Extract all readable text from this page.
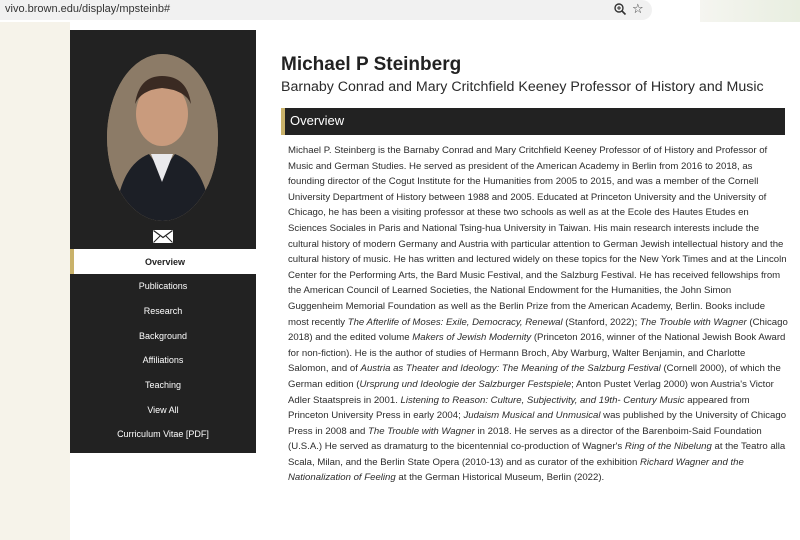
vivo.brown.edu/display/mpsteinb#	☆
Overview
Publications
Research
Background
Affiliations
Teaching
View All
Curriculum Vitae [PDF]
Michael P Steinberg
Barnaby Conrad and Mary Critchfield Keeney Professor of History and Music
Overview
Michael P. Steinberg is the Barnaby Conrad and Mary Critchfield Keeney Professor of of History and Professor of Music and German Studies. He served as president of the American Academy in Berlin from 2016 to 2018, as founding director of the Cogut Institute for the Humanities from 2005 to 2015, and was a member of the Cornell University Department of History between 1988 and 2005. Educated at Princeton University and the University of Chicago, he has been a visiting professor at these two schools as well as at the Ecole des Hautes Etudes en Sciences Sociales in Paris and National Tsing-hua University in Taiwan. His main research interests include the cultural history of modern Germany and Austria with particular attention to German Jewish intellectual history and the cultural history of music. He has written and lectured widely on these topics for the New York Times and at the Lincoln Center for the Performing Arts, the Bard Music Festival, and the Salzburg Festival. He has received fellowships from the American Council of Learned Societies, the National Endowment for the Humanities, the John Simon Guggenheim Memorial Foundation as well as the Berlin Prize from the American Academy, Berlin. Books include most recently The Afterlife of Moses: Exile, Democracy, Renewal (Stanford, 2022); The Trouble with Wagner (Chicago 2018) and the edited volume Makers of Jewish Modernity (Princeton 2016, winner of the National Jewish Book Award for non-fiction). He is the author of studies of Hermann Broch, Aby Warburg, Walter Benjamin, and Charlotte Salomon, and of Austria as Theater and Ideology: The Meaning of the Salzburg Festival (Cornell 2000), of which the German edition (Ursprung und Ideologie der Salzburger Festspiele; Anton Pustet Verlag 2000) won Austria's Victor Adler Staatspreis in 2001. Listening to Reason: Culture, Subjectivity, and 19th- Century Music appeared from Princeton University Press in early 2004; Judaism Musical and Unmusical was published by the University of Chicago Press in 2008 and The Trouble with Wagner in 2018. He serves as a director of the Barenboim-Said Foundation (U.S.A.) He served as dramaturg to the bicentennial co-production of Wagner's Ring of the Nibelung at the Teatro alla Scala, Milan, and the Berlin State Opera (2010-13) and as curator of the exhibition Richard Wagner and the Nationalization of Feeling at the German Historical Museum, Berlin (2022).
